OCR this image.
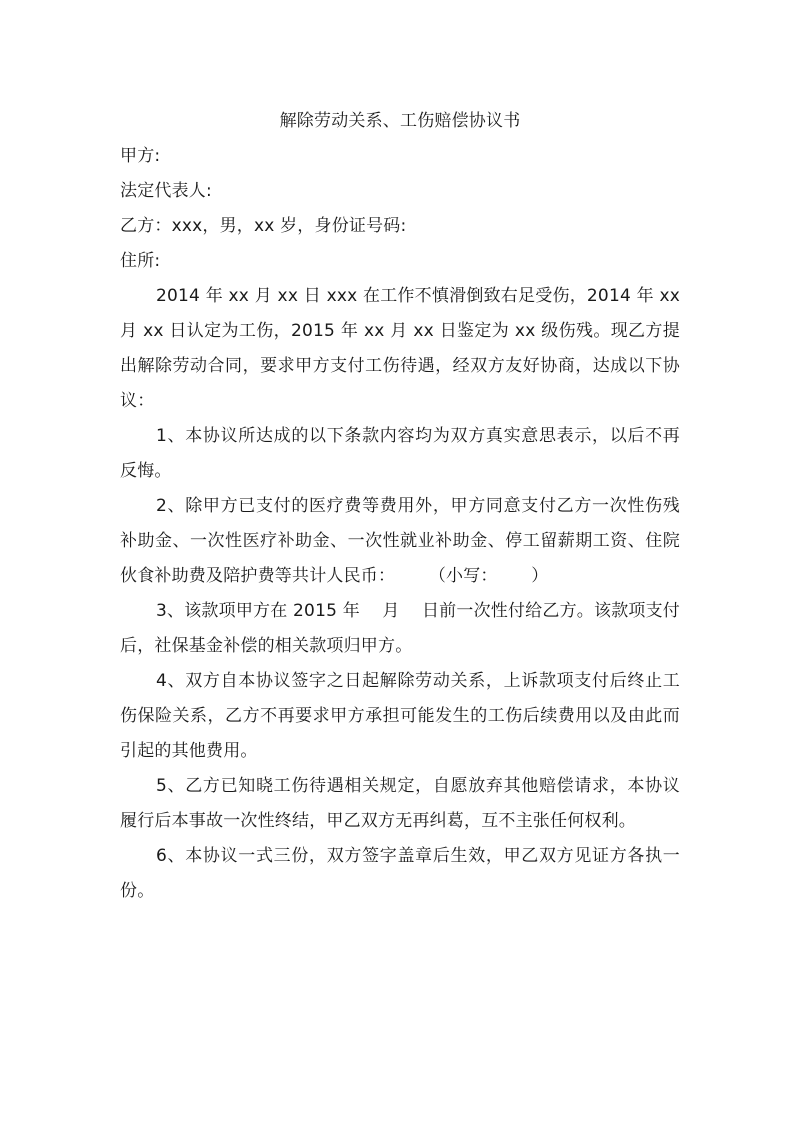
解除劳动关系、工伤赔偿协议书

甲方:

法定代表人:

乙方：xxx，男，xx 岁，身份证号码:

住所:

2014 年 xx 月 xx 日 xxx 在工作不慎滑倒致右足受伤，2014 年 xx 月 xx 日认定为工伤，2015 年 xx 月 xx 日鉴定为 xx 级伤残。现乙方提出解除劳动合同，要求甲方支付工伤待遇，经双方友好协商，达成以下协议：

1、本协议所达成的以下条款内容均为双方真实意思表示，以后不再反悔。

2、除甲方已支付的医疗费等费用外，甲方同意支付乙方一次性伤残补助金、一次性医疗补助金、一次性就业补助金、停工留薪期工资、住院伙食补助费及陪护费等共计人民币：      （小写：      ）

3、该款项甲方在 2015 年    月    日前一次性付给乙方。该款项支付后，社保基金补偿的相关款项归甲方。

4、双方自本协议签字之日起解除劳动关系，上诉款项支付后终止工伤保险关系，乙方不再要求甲方承担可能发生的工伤后续费用以及由此而引起的其他费用。

5、乙方已知晓工伤待遇相关规定，自愿放弃其他赔偿请求，本协议履行后本事故一次性终结，甲乙双方无再纠葛，互不主张任何权利。

6、本协议一式三份，双方签字盖章后生效，甲乙双方见证方各执一份。
